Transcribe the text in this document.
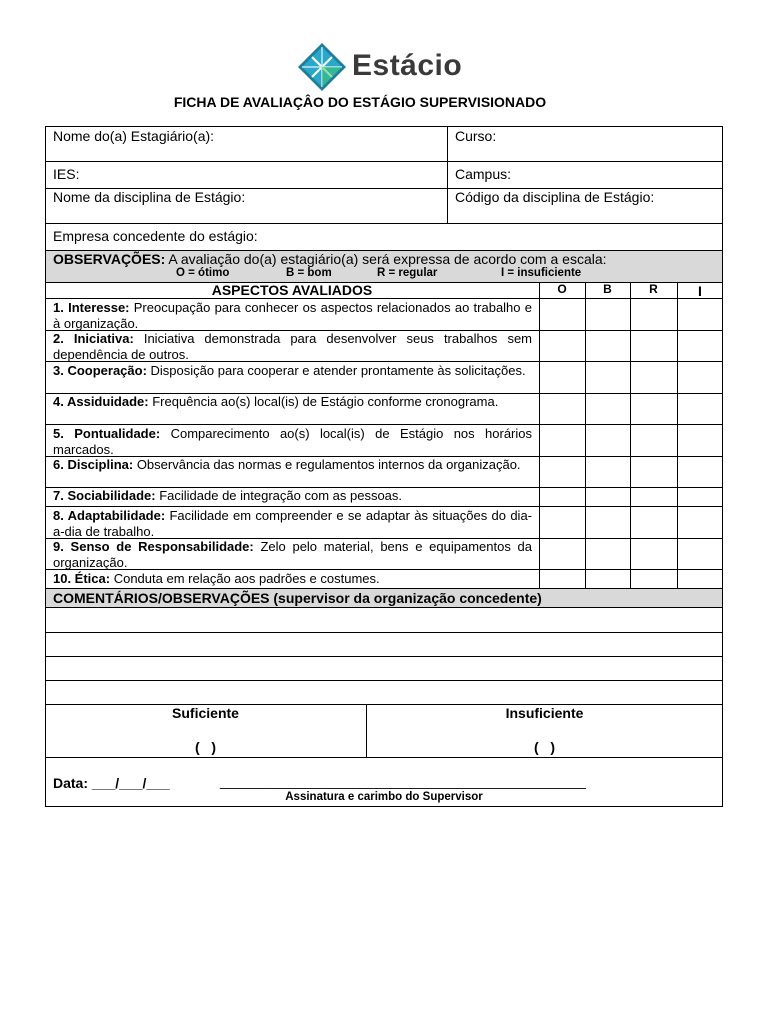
Estácio
FICHA DE AVALIAÇÂO DO ESTÁGIO SUPERVISIONADO
Nome do(a) Estagiário(a):	Curso:
IES:	Campus:
Nome da disciplina de Estágio:	Código da disciplina de Estágio:
Empresa concedente do estágio:
OBSERVAÇÕES: A avaliação do(a) estagiário(a) será expressa de acordo com a escala:
O = ótimo	B = bom	R = regular	I = insuficiente
ASPECTOS AVALIADOS	O	B	R	I
1. Interesse: Preocupação para conhecer os aspectos relacionados ao trabalho e à organização.
2. Iniciativa: Iniciativa demonstrada para desenvolver seus trabalhos sem dependência de outros.
3. Cooperação: Disposição para cooperar e atender prontamente às solicitações.
4. Assiduidade: Frequência ao(s) local(is) de Estágio conforme cronograma.
5. Pontualidade: Comparecimento ao(s) local(is) de Estágio nos horários marcados.
6. Disciplina: Observância das normas e regulamentos internos da organização.
7. Sociabilidade: Facilidade de integração com as pessoas.
8. Adaptabilidade: Facilidade em compreender e se adaptar às situações do dia-a-dia de trabalho.
9. Senso de Responsabilidade: Zelo pelo material, bens e equipamentos da organização.
10. Ética: Conduta em relação aos padrões e costumes.
COMENTÁRIOS/OBSERVAÇÕES (supervisor da organização concedente)
Suficiente	Insuficiente
(   )	(   )
Data: ___/___/___	_______________________________________________
Assinatura e carimbo do Supervisor
